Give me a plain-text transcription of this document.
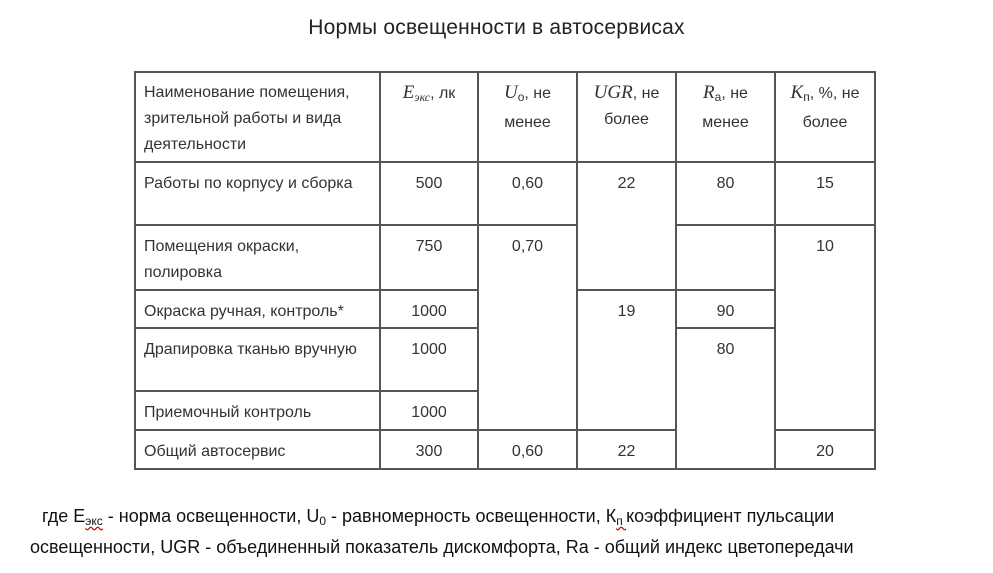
Нормы освещенности в автосервисах
Наименование помещения, зрительной работы и вида деятельности	$E_{экс}$, лк	$U_o$, не менее	UGR, не более	$R_a$, не менее	$K_п$, %, не более
Работы по корпусу и сборка	500	0,60	22	80	15
Помещения окраски, полировка	750	0,70			10
Окраска ручная, контроль*	1000		19	90	
Драпировка тканью вручную	1000			80	
Приемочный контроль	1000				
Общий автосервис	300	0,60	22		20
где Еэкс - норма освещенности, $U_0$ - равномерность освещенности, Кп коэффициент пульсации
освещенности, UGR - объединенный показатель дискомфорта, Ra - общий индекс цветопередачи
